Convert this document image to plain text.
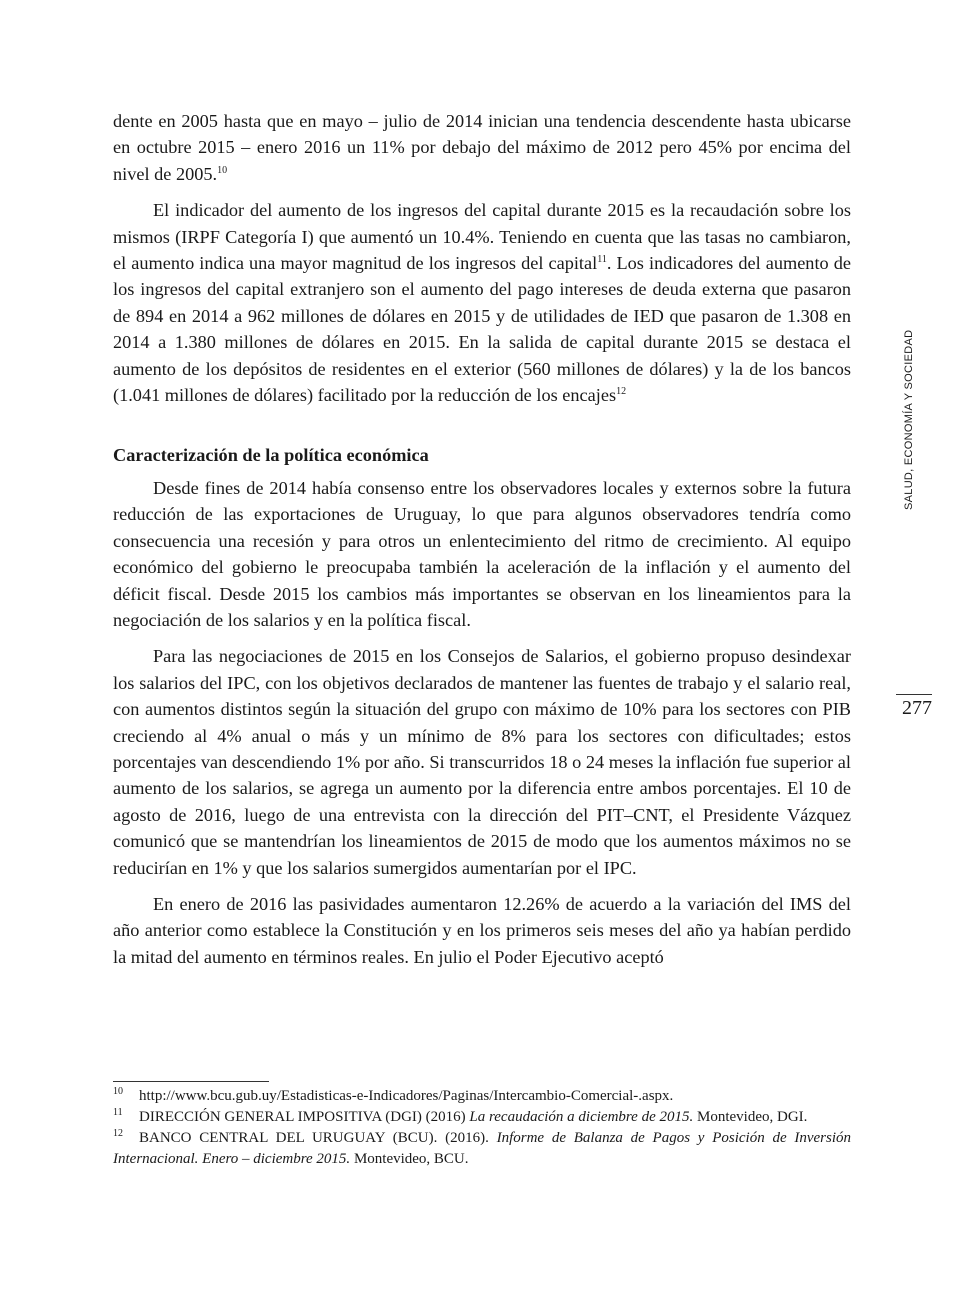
SALUD, ECONOMÍA Y SOCIEDAD
277

dente en 2005 hasta que en mayo – julio de 2014 inician una tendencia descendente hasta ubicarse en octubre 2015 – enero 2016 un 11% por debajo del máximo de 2012 pero 45% por encima del nivel de 2005.10

El indicador del aumento de los ingresos del capital durante 2015 es la recaudación sobre los mismos (IRPF Categoría I) que aumentó un 10.4%. Teniendo en cuenta que las tasas no cambiaron, el aumento indica una mayor magnitud de los ingresos del capital$^{11}$. Los indicadores del aumento de los ingresos del capital extranjero son el aumento del pago intereses de deuda externa que pasaron de 894 en 2014 a 962 millones de dólares en 2015 y de utilidades de IED que pasaron de 1.308 en 2014 a 1.380 millones de dólares en 2015. En la salida de capital durante 2015 se destaca el aumento de los depósitos de residentes en el exterior (560 millones de dólares) y la de los bancos (1.041 millones de dólares) facilitado por la reducción de los encajes$^{12}$

Caracterización de la política económica

Desde fines de 2014 había consenso entre los observadores locales y externos sobre la futura reducción de las exportaciones de Uruguay, lo que para algunos observadores tendría como consecuencia una recesión y para otros un enlentecimiento del ritmo de crecimiento. Al equipo económico del gobierno le preocupaba también la aceleración de la inflación y el aumento del déficit fiscal. Desde 2015 los cambios más importantes se observan en los lineamientos para la negociación de los salarios y en la política fiscal.

Para las negociaciones de 2015 en los Consejos de Salarios, el gobierno propuso desindexar los salarios del IPC, con los objetivos declarados de mantener las fuentes de trabajo y el salario real, con aumentos distintos según la situación del grupo con máximo de 10% para los sectores con PIB creciendo al 4% anual o más y un mínimo de 8% para los sectores con dificultades; estos porcentajes van descendiendo 1% por año. Si transcurridos 18 o 24 meses la inflación fue superior al aumento de los salarios, se agrega un aumento por la diferencia entre ambos porcentajes. El 10 de agosto de 2016, luego de una entrevista con la dirección del PIT–CNT, el Presidente Vázquez comunicó que se mantendrían los lineamientos de 2015 de modo que los aumentos máximos no se reducirían en 1% y que los salarios sumergidos aumentarían por el IPC.

En enero de 2016 las pasividades aumentaron 12.26% de acuerdo a la variación del IMS del año anterior como establece la Constitución y en los primeros seis meses del año ya habían perdido la mitad del aumento en términos reales. En julio el Poder Ejecutivo aceptó

10 http://www.bcu.gub.uy/Estadisticas-e-Indicadores/Paginas/Intercambio-Comercial-.aspx.

11 DIRECCIÓN GENERAL IMPOSITIVA (DGI) (2016) La recaudación a diciembre de 2015. Montevideo, DGI.

12 BANCO CENTRAL DEL URUGUAY (BCU). (2016). Informe de Balanza de Pagos y Posición de Inversión Internacional. Enero – diciembre 2015. Montevideo, BCU.
